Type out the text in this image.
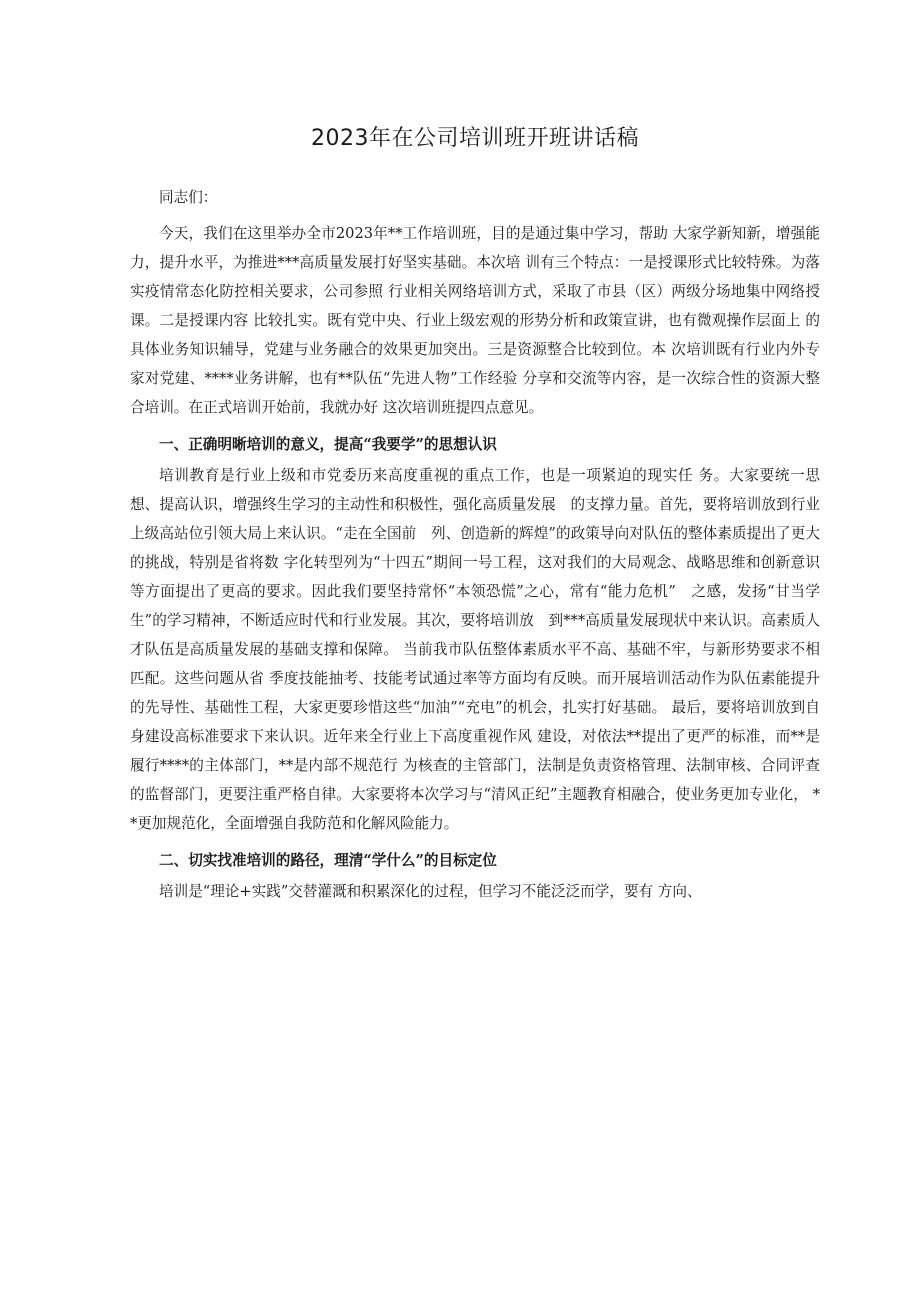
2023年在公司培训班开班讲话稿

同志们：

今天，我们在这里举办全市2023年**工作培训班，目的是通过集中学习，帮助 大家学新知新，增强能力，提升水平，为推进***高质量发展打好坚实基础。本次培 训有三个特点：一是授课形式比较特殊。为落实疫情常态化防控相关要求，公司参照 行业相关网络培训方式，采取了市县（区）两级分场地集中网络授课。二是授课内容 比较扎实。既有党中央、行业上级宏观的形势分析和政策宣讲，也有微观操作层面上 的具体业务知识辅导，党建与业务融合的效果更加突出。三是资源整合比较到位。本 次培训既有行业内外专家对党建、****业务讲解，也有**队伍“先进人物”工作经验 分享和交流等内容，是一次综合性的资源大整合培训。在正式培训开始前，我就办好 这次培训班提四点意见。

一、正确明晰培训的意义，提高“我要学”的思想认识

培训教育是行业上级和市党委历来高度重视的重点工作，也是一项紧迫的现实任 务。大家要统一思想、提高认识，增强终生学习的主动性和积极性，强化高质量发展　的支撑力量。首先，要将培训放到行业上级高站位引领大局上来认识。“走在全国前　列、创造新的辉煌”的政策导向对队伍的整体素质提出了更大的挑战，特别是省将数 字化转型列为“十四五”期间一号工程，这对我们的大局观念、战略思维和创新意识 等方面提出了更高的要求。因此我们要坚持常怀“本领恐慌”之心，常有“能力危机”　之感，发扬“甘当学生”的学习精神，不断适应时代和行业发展。其次，要将培训放　到***高质量发展现状中来认识。高素质人才队伍是高质量发展的基础支撑和保障。 当前我市队伍整体素质水平不高、基础不牢，与新形势要求不相匹配。这些问题从省 季度技能抽考、技能考试通过率等方面均有反映。而开展培训活动作为队伍素能提升 的先导性、基础性工程，大家更要珍惜这些“加油”“充电”的机会，扎实打好基础。 最后，要将培训放到自身建设高标准要求下来认识。近年来全行业上下高度重视作风 建设，对依法**提出了更严的标准，而**是履行****的主体部门，**是内部不规范行 为核查的主管部门，法制是负责资格管理、法制审核、合同评查的监督部门，更要注重严格自律。大家要将本次学习与“清风正纪”主题教育相融合，使业务更加专业化， **更加规范化，全面增强自我防范和化解风险能力。

二、切实找准培训的路径，理清“学什么”的目标定位

培训是“理论+实践”交替灌溉和积累深化的过程，但学习不能泛泛而学，要有 方向、
